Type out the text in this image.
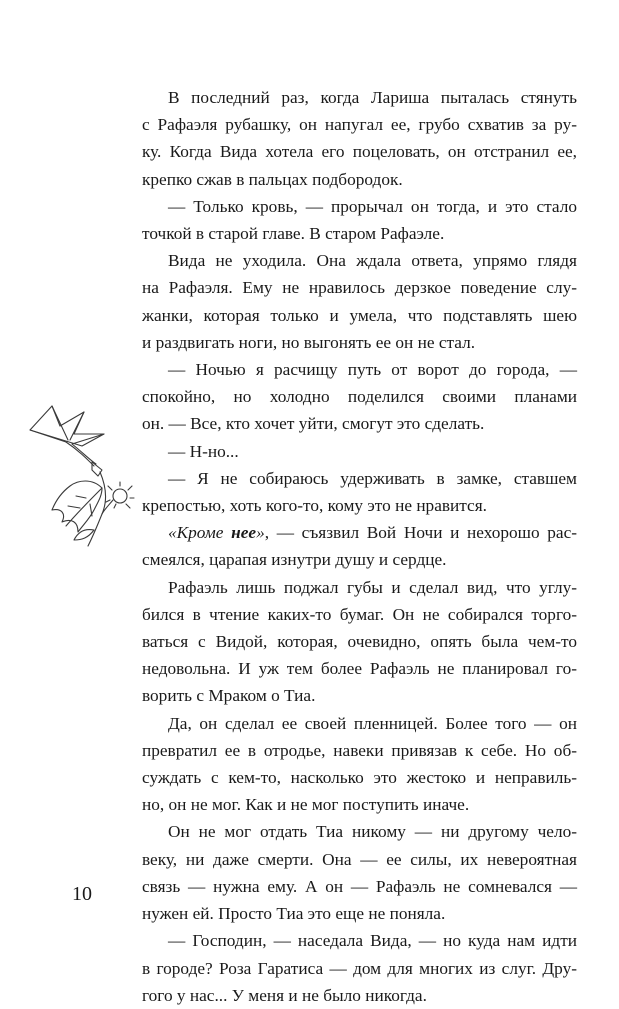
В последний раз, когда Лариша пыталась стянуть
с Рафаэля рубашку, он напугал ее, грубо схватив за ру-
ку. Когда Вида хотела его поцеловать, он отстранил ее,
крепко сжав в пальцах подбородок.
— Только кровь, — прорычал он тогда, и это стало
точкой в старой главе. В старом Рафаэле.
Вида не уходила. Она ждала ответа, упрямо глядя
на Рафаэля. Ему не нравилось дерзкое поведение слу-
жанки, которая только и умела, что подставлять шею
и раздвигать ноги, но выгонять ее он не стал.
— Ночью я расчищу путь от ворот до города, —
спокойно, но холодно поделился своими планами
он. — Все, кто хочет уйти, смогут это сделать.
— Н-но...
— Я не собираюсь удерживать в замке, ставшем
крепостью, хоть кого-то, кому это не нравится.
«Кроме нее», — съязвил Вой Ночи и нехорошо рас-
смеялся, царапая изнутри душу и сердце.
Рафаэль лишь поджал губы и сделал вид, что углу-
бился в чтение каких-то бумаг. Он не собирался торго-
ваться с Видой, которая, очевидно, опять была чем-то
недовольна. И уж тем более Рафаэль не планировал го-
ворить с Мраком о Тиа.
Да, он сделал ее своей пленницей. Более того — он
превратил ее в отродье, навеки привязав к себе. Но об-
суждать с кем-то, насколько это жестоко и неправиль-
но, он не мог. Как и не мог поступить иначе.
Он не мог отдать Тиа никому — ни другому чело-
веку, ни даже смерти. Она — ее силы, их невероятная
связь — нужна ему. А он — Рафаэль не сомневался —
нужен ей. Просто Тиа это еще не поняла.
— Господин, — наседала Вида, — но куда нам идти
в городе? Роза Гаратиса — дом для многих из слуг. Дру-
гого у нас... У меня и не было никогда.
10
